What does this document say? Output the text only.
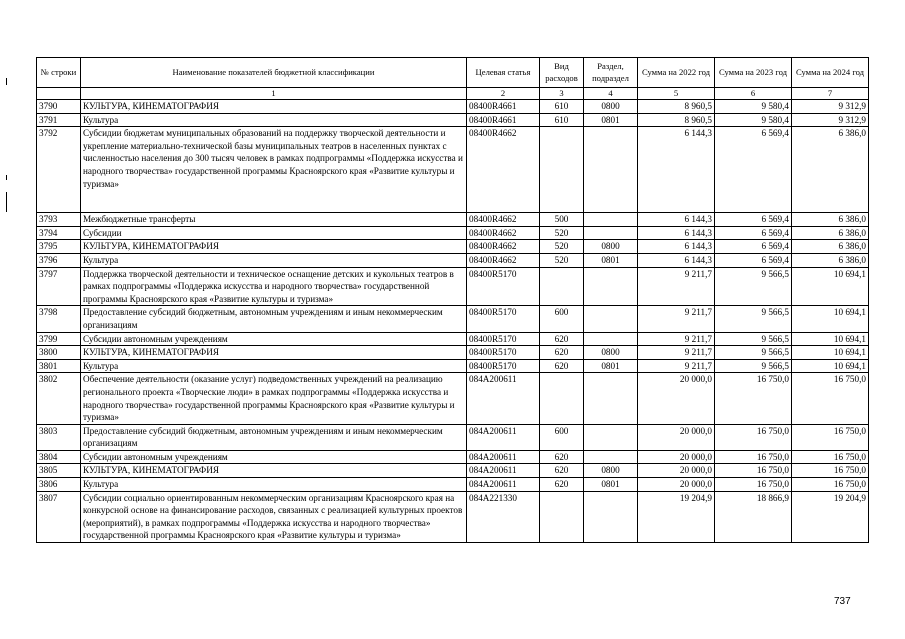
№ строки	Наименование показателей бюджетной классификации	Целевая статья	Вид расходов	Раздел, подраздел	Сумма на 2022 год	Сумма на 2023 год	Сумма на 2024 год
	1	2	3	4	5	6	7
3790	КУЛЬТУРА, КИНЕМАТОГРАФИЯ	08400R4661	610	0800	8 960,5	9 580,4	9 312,9
3791	Культура	08400R4661	610	0801	8 960,5	9 580,4	9 312,9
3792	Субсидии бюджетам муниципальных образований на поддержку творческой деятельности и укрепление материально-технической базы муниципальных театров в населенных пунктах с численностью населения до 300 тысяч человек в рамках подпрограммы «Поддержка искусства и народного творчества» государственной программы Красноярского края «Развитие культуры и туризма»	08400R4662			6 144,3	6 569,4	6 386,0
3793	Межбюджетные трансферты	08400R4662	500		6 144,3	6 569,4	6 386,0
3794	Субсидии	08400R4662	520		6 144,3	6 569,4	6 386,0
3795	КУЛЬТУРА, КИНЕМАТОГРАФИЯ	08400R4662	520	0800	6 144,3	6 569,4	6 386,0
3796	Культура	08400R4662	520	0801	6 144,3	6 569,4	6 386,0
3797	Поддержка творческой деятельности и техническое оснащение детских и кукольных театров в рамках подпрограммы «Поддержка искусства и народного творчества» государственной программы Красноярского края «Развитие культуры и туризма»	08400R5170			9 211,7	9 566,5	10 694,1
3798	Предоставление субсидий бюджетным, автономным учреждениям и иным некоммерческим организациям	08400R5170	600		9 211,7	9 566,5	10 694,1
3799	Субсидии автономным учреждениям	08400R5170	620		9 211,7	9 566,5	10 694,1
3800	КУЛЬТУРА, КИНЕМАТОГРАФИЯ	08400R5170	620	0800	9 211,7	9 566,5	10 694,1
3801	Культура	08400R5170	620	0801	9 211,7	9 566,5	10 694,1
3802	Обеспечение деятельности (оказание услуг) подведомственных учреждений на реализацию регионального проекта «Творческие люди» в рамках подпрограммы «Поддержка искусства и народного творчества» государственной программы Красноярского края «Развитие культуры и туризма»	084A200611			20 000,0	16 750,0	16 750,0
3803	Предоставление субсидий бюджетным, автономным учреждениям и иным некоммерческим организациям	084A200611	600		20 000,0	16 750,0	16 750,0
3804	Субсидии автономным учреждениям	084A200611	620		20 000,0	16 750,0	16 750,0
3805	КУЛЬТУРА, КИНЕМАТОГРАФИЯ	084A200611	620	0800	20 000,0	16 750,0	16 750,0
3806	Культура	084A200611	620	0801	20 000,0	16 750,0	16 750,0
3807	Субсидии социально ориентированным некоммерческим организациям Красноярского края на конкурсной основе на финансирование расходов, связанных с реализацией культурных проектов (мероприятий), в рамках подпрограммы «Поддержка искусства и народного творчества» государственной программы Красноярского края «Развитие культуры и туризма»	084A221330			19 204,9	18 866,9	19 204,9
737
